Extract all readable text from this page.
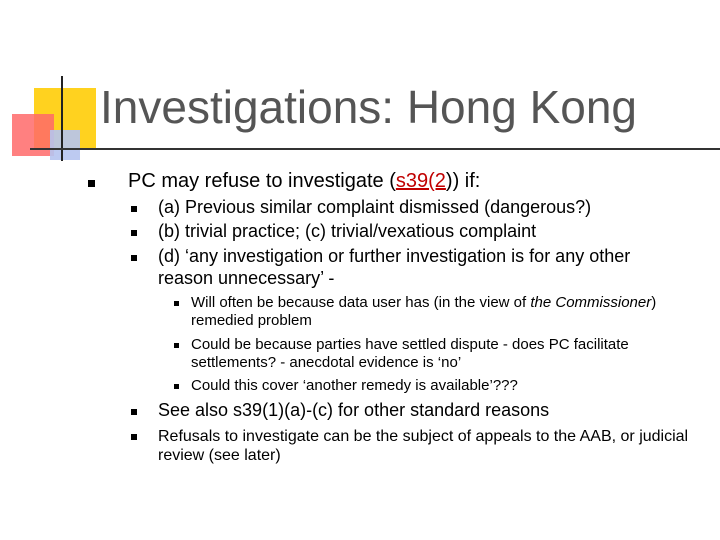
Investigations: Hong Kong
PC may refuse to investigate (s39(2)) if:
(a) Previous similar complaint dismissed (dangerous?)
(b) trivial practice; (c) trivial/vexatious complaint
(d) ‘any investigation or further investigation is for any other reason unnecessary’ -
Will often be because data user has (in the view of the Commissioner) remedied problem
Could be because parties have settled dispute - does PC facilitate settlements? - anecdotal evidence is ‘no’
Could this cover ‘another remedy is available’???
See also s39(1)(a)-(c) for other standard reasons
Refusals to investigate can be the subject of appeals to the AAB, or judicial review (see later)
